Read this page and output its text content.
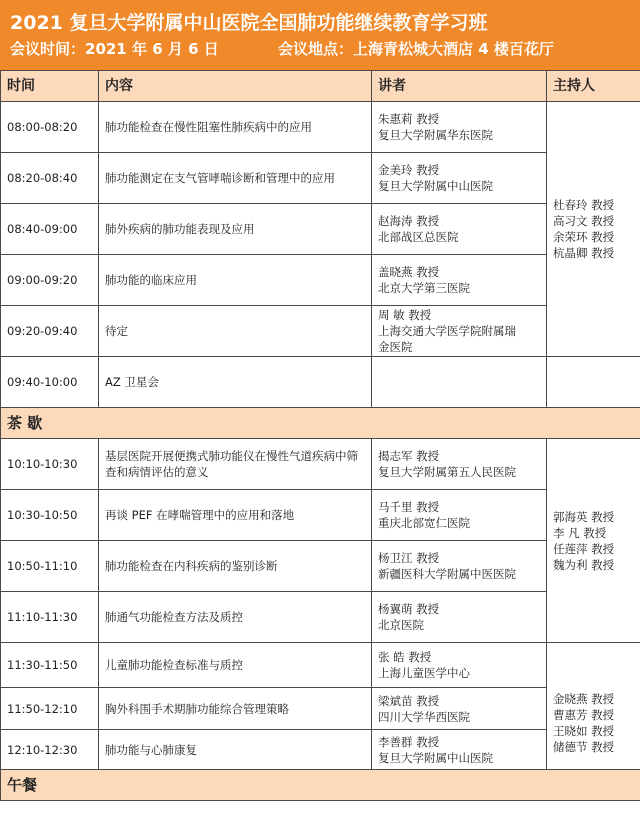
2021 复旦大学附属中山医院全国肺功能继续教育学习班
会议时间：2021 年 6 月 6 日	会议地点：上海青松城大酒店 4 楼百花厅
时间	内容	讲者	主持人
08:00-08:20	肺功能检查在慢性阻塞性肺疾病中的应用	朱惠莉 教授
复旦大学附属华东医院	杜春玲 教授
高习文 教授
余荣环 教授
杭晶卿 教授

08:20-08:40	肺功能测定在支气管哮喘诊断和管理中的应用	金美玲 教授
复旦大学附属中山医院	

08:40-09:00	肺外疾病的肺功能表现及应用	赵海涛 教授
北部战区总医院	

09:00-09:20	肺功能的临床应用	盖晓燕 教授
北京大学第三医院	

09:20-09:40	待定	周 敏 教授
上海交通大学医学院附属瑞金医院	

09:40-10:00	AZ 卫星会		
茶 歇			
10:10-10:30	基层医院开展便携式肺功能仪在慢性气道疾病中筛查和病情评估的意义	揭志军 教授
复旦大学附属第五人民医院	郭海英 教授
李 凡 教授
任莲萍 教授
魏为利 教授

10:30-10:50	再谈 PEF 在哮喘管理中的应用和落地	马千里 教授
重庆北部宽仁医院	

10:50-11:10	肺功能检查在内科疾病的鉴别诊断	杨卫江 教授
新疆医科大学附属中医医院	

11:10-11:30	肺通气功能检查方法及质控	杨翼萌 教授
北京医院	

11:30-11:50	儿童肺功能检查标准与质控	张 皓 教授
上海儿童医学中心	金晓燕 教授
曹惠芳 教授
王晓如 教授
储德节 教授

11:50-12:10	胸外科围手术期肺功能综合管理策略	梁斌苗 教授
四川大学华西医院	

12:10-12:30	肺功能与心肺康复	李善群 教授
复旦大学附属中山医院	

午餐			
